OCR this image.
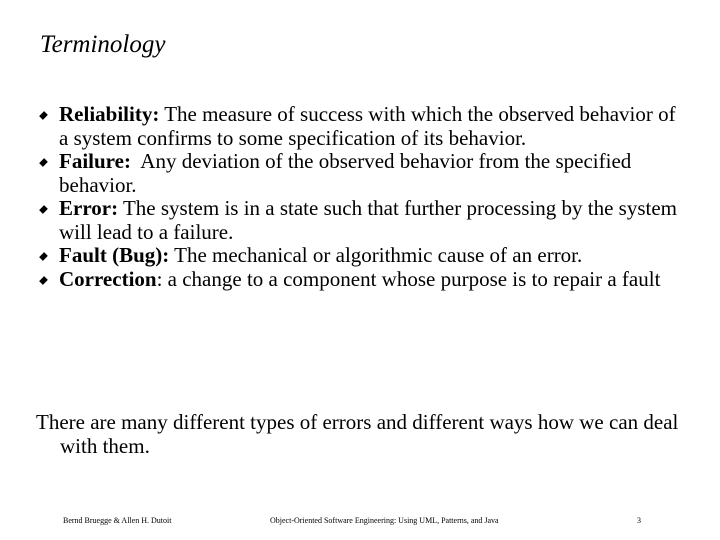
Terminology
Reliability: The measure of success with which the observed behavior of a system confirms to some specification of its behavior.
Failure:  Any deviation of the observed behavior from the specified behavior.
Error: The system is in a state such that further processing by the system will lead to a failure.
Fault (Bug): The mechanical or algorithmic cause of an error.
Correction: a change to a component whose purpose is to repair a fault
There are many different types of errors and different ways how we can deal with them.
Bernd Bruegge & Allen H. Dutoit	Object-Oriented Software Engineering: Using UML, Patterns, and Java	3
